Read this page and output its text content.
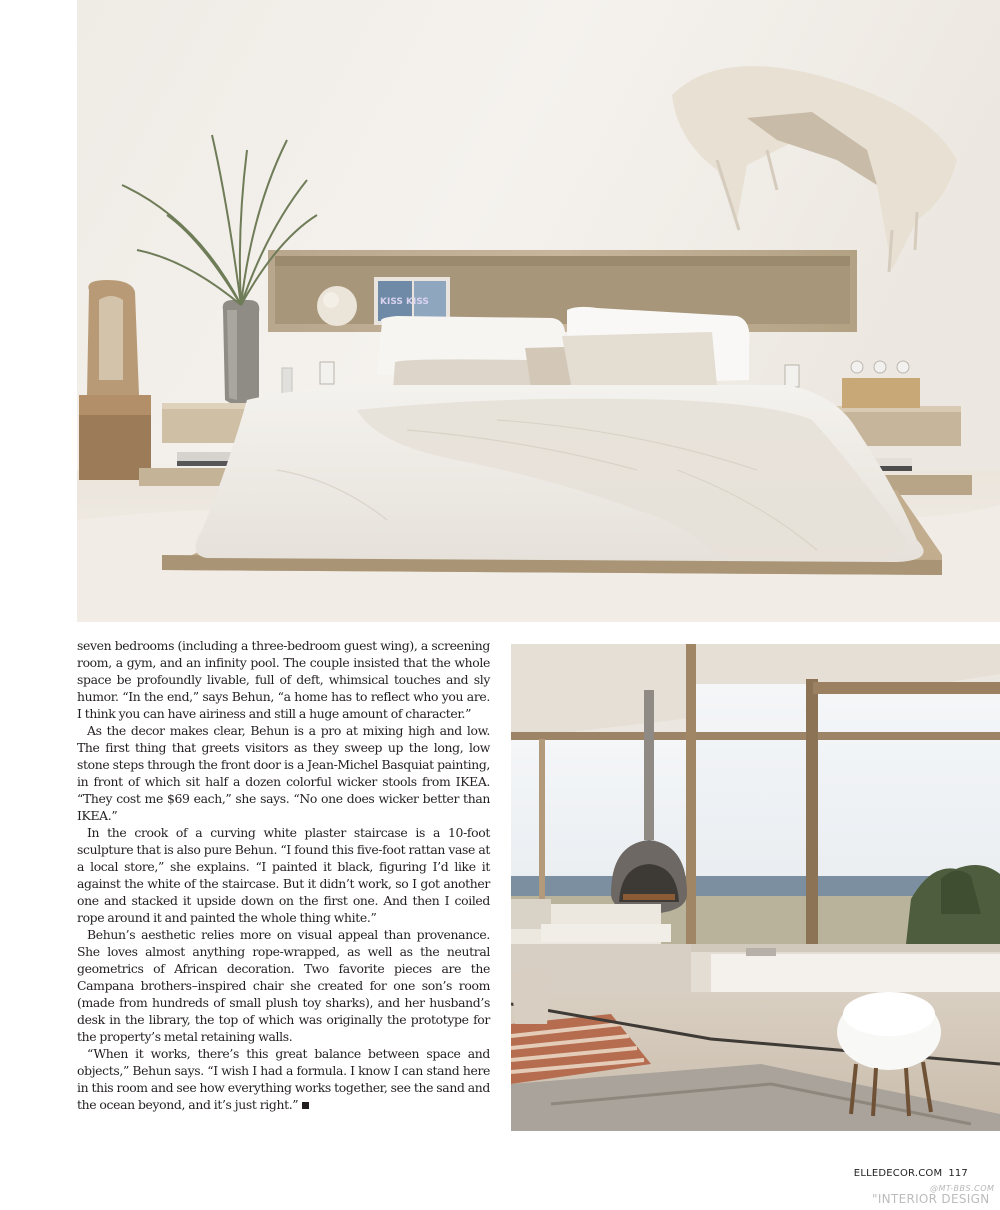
KISS KISS

seven bedrooms (including a three-bedroom guest wing), a screening room, a gym, and an infinity pool. The couple insisted that the whole space be profoundly livable, full of deft, whimsical touches and sly humor. “In the end,” says Behun, “a home has to reflect who you are. I think you can have airiness and still a huge amount of character.”

As the decor makes clear, Behun is a pro at mixing high and low. The first thing that greets visitors as they sweep up the long, low stone steps through the front door is a Jean-Michel Basquiat painting, in front of which sit half a dozen colorful wicker stools from IKEA. “They cost me $69 each,” she says. “No one does wicker better than IKEA.”

In the crook of a curving white plaster staircase is a 10-foot sculpture that is also pure Behun. “I found this five-foot rattan vase at a local store,” she explains. “I painted it black, figuring I’d like it against the white of the staircase. But it didn’t work, so I got another one and stacked it upside down on the first one. And then I coiled rope around it and painted the whole thing white.”

Behun’s aesthetic relies more on visual appeal than provenance. She loves almost anything rope-wrapped, as well as the neutral geometrics of African decoration. Two favorite pieces are the Campana brothers–inspired chair she created for one son’s room (made from hundreds of small plush toy sharks), and her husband’s desk in the library, the top of which was originally the prototype for the property’s metal retaining walls.

“When it works, there’s this great balance between space and objects,” Behun says. “I wish I had a formula. I know I can stand here in this room and see how everything works together, see the sand and the ocean beyond, and it’s just right.”

ELLEDECOR.COM 117
@MT-BBS.COM
"INTERIOR DESIGN
